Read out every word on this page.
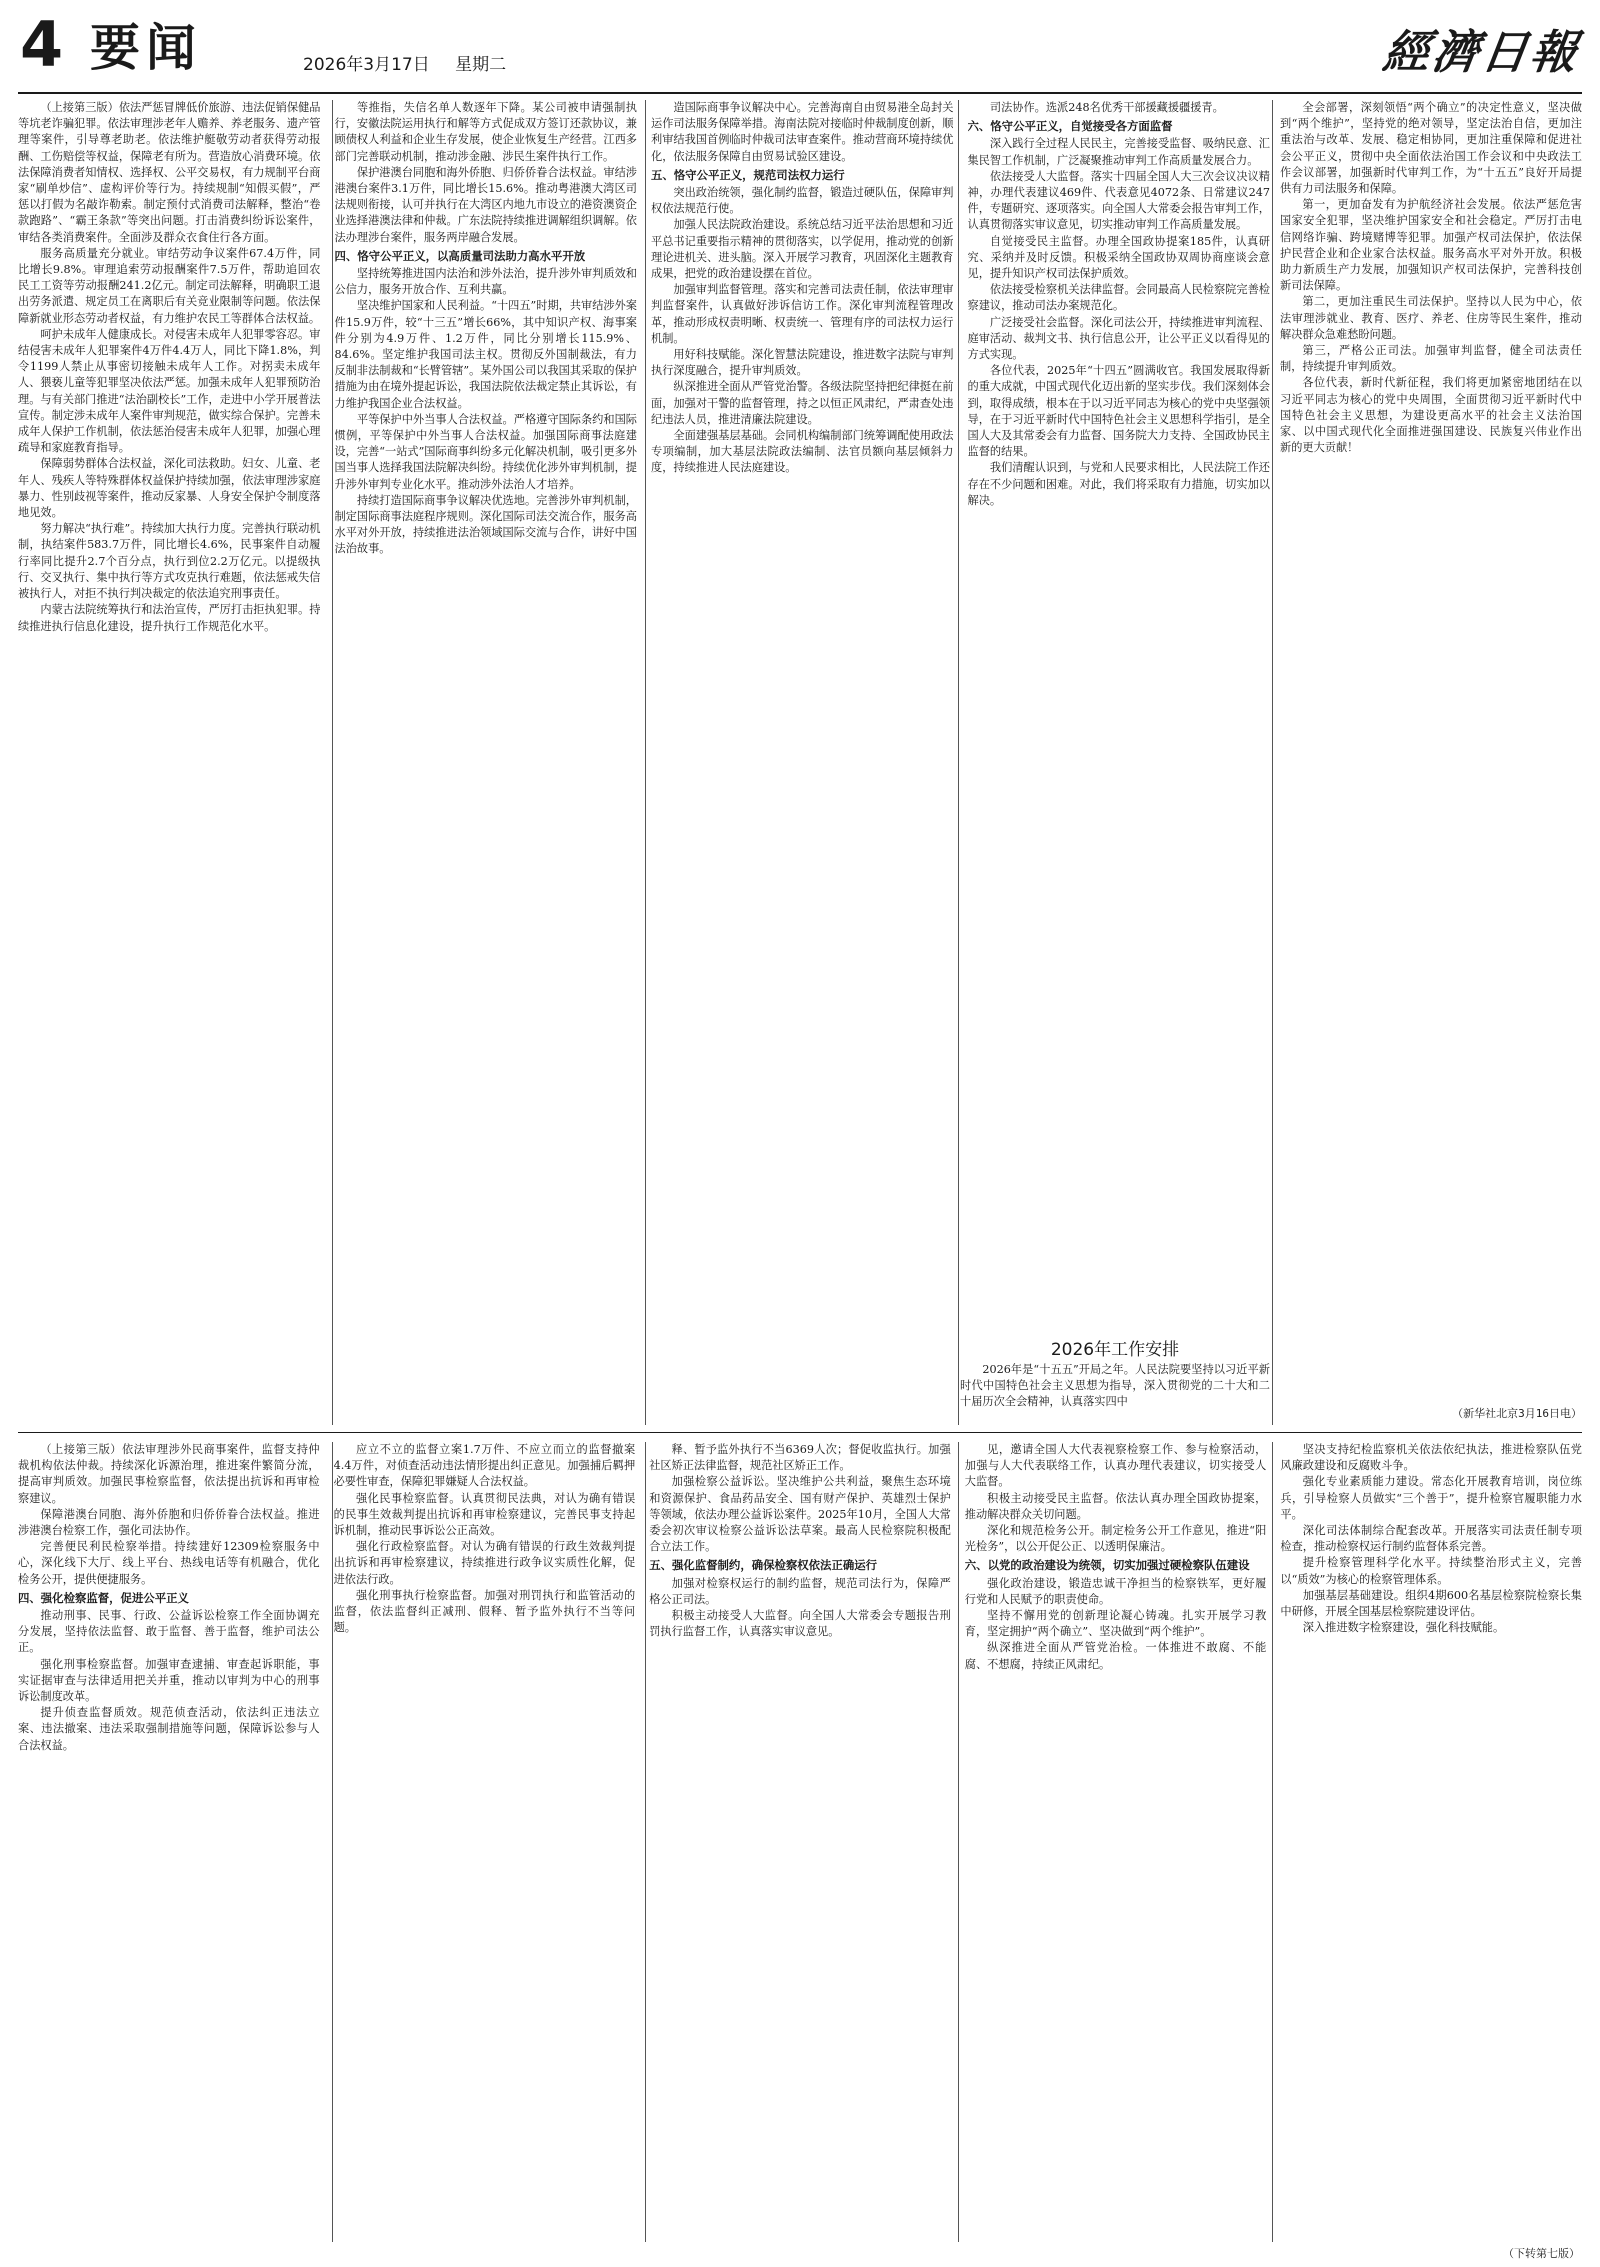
4 要闻	2026年3月17日 星期二	經濟日報

（上接第三版）依法严惩冒牌低价旅游、违法促销保健品等坑老诈骗犯罪。依法审理涉老年人赡养、养老服务、遗产管理等案件，引导尊老助老。依法维护艇敬劳动者获得劳动报酬、工伤赔偿等权益，保障老有所为。营造放心消费环境。依法保障消费者知情权、选择权、公平交易权，有力规制平台商家“刷单炒信”、虚构评价等行为。持续规制“知假买假”，严惩以打假为名敲诈勒索。制定预付式消费司法解释，整治“卷款跑路”、“霸王条款”等突出问题。打击消费纠纷诉讼案件，审结各类消费案件。全面涉及群众衣食住行各方面。

服务高质量充分就业。审结劳动争议案件67.4万件，同比增长9.8%。审理追索劳动报酬案件7.5万件，帮助追回农民工工资等劳动报酬241.2亿元。制定司法解释，明确职工退出劳务派遣、规定员工在离职后有关竞业限制等问题。依法保障新就业形态劳动者权益，有力维护农民工等群体合法权益。

呵护未成年人健康成长。对侵害未成年人犯罪零容忍。审结侵害未成年人犯罪案件4万件4.4万人，同比下降1.8%，判令1199人禁止从事密切接触未成年人工作。对拐卖未成年人、猥亵儿童等犯罪坚决依法严惩。加强未成年人犯罪预防治理。与有关部门推进“法治副校长”工作，走进中小学开展普法宣传。制定涉未成年人案件审判规范，做实综合保护。完善未成年人保护工作机制，依法惩治侵害未成年人犯罪，加强心理疏导和家庭教育指导。

保障弱势群体合法权益，深化司法救助。妇女、儿童、老年人、残疾人等特殊群体权益保护持续加强，依法审理涉家庭暴力、性别歧视等案件，推动反家暴、人身安全保护令制度落地见效。

努力解决“执行难”。持续加大执行力度。完善执行联动机制，执结案件583.7万件，同比增长4.6%，民事案件自动履行率同比提升2.7个百分点，执行到位2.2万亿元。以提级执行、交叉执行、集中执行等方式攻克执行难题，依法惩戒失信被执行人，对拒不执行判决裁定的依法追究刑事责任。

内蒙古法院统筹执行和法治宣传，严厉打击拒执犯罪。持续推进执行信息化建设，提升执行工作规范化水平。

等推指，失信名单人数逐年下降。某公司被申请强制执行，安徽法院运用执行和解等方式促成双方签订还款协议，兼顾债权人利益和企业生存发展，使企业恢复生产经营。江西多部门完善联动机制，推动涉金融、涉民生案件执行工作。

保护港澳台同胞和海外侨胞、归侨侨眷合法权益。审结涉港澳台案件3.1万件，同比增长15.6%。推动粤港澳大湾区司法规则衔接，认可并执行在大湾区内地九市设立的港资澳资企业选择港澳法律和仲裁。广东法院持续推进调解组织调解。依法办理涉台案件，服务两岸融合发展。

四、恪守公平正义，以高质量司法助力高水平开放

坚持统筹推进国内法治和涉外法治，提升涉外审判质效和公信力，服务开放合作、互利共赢。

坚决维护国家和人民利益。“十四五”时期，共审结涉外案件15.9万件，较“十三五”增长66%，其中知识产权、海事案件分别为4.9万件、1.2万件，同比分别增长115.9%、84.6%。坚定维护我国司法主权。贯彻反外国制裁法，有力反制非法制裁和“长臂管辖”。某外国公司以我国其采取的保护措施为由在境外提起诉讼，我国法院依法裁定禁止其诉讼，有力维护我国企业合法权益。

平等保护中外当事人合法权益。严格遵守国际条约和国际惯例，平等保护中外当事人合法权益。加强国际商事法庭建设，完善“一站式”国际商事纠纷多元化解决机制，吸引更多外国当事人选择我国法院解决纠纷。持续优化涉外审判机制，提升涉外审判专业化水平。推动涉外法治人才培养。

持续打造国际商事争议解决优选地。完善涉外审判机制，制定国际商事法庭程序规则。深化国际司法交流合作，服务高水平对外开放，持续推进法治领域国际交流与合作，讲好中国法治故事。

造国际商事争议解决中心。完善海南自由贸易港全岛封关运作司法服务保障举措。海南法院对接临时仲裁制度创新，顺利审结我国首例临时仲裁司法审查案件。推动营商环境持续优化，依法服务保障自由贸易试验区建设。

五、恪守公平正义，规范司法权力运行

突出政治统领，强化制约监督，锻造过硬队伍，保障审判权依法规范行使。

加强人民法院政治建设。系统总结习近平法治思想和习近平总书记重要指示精神的贯彻落实，以学促用，推动党的创新理论进机关、进头脑。深入开展学习教育，巩固深化主题教育成果，把党的政治建设摆在首位。

加强审判监督管理。落实和完善司法责任制，依法审理审判监督案件，认真做好涉诉信访工作。深化审判流程管理改革，推动形成权责明晰、权责统一、管理有序的司法权力运行机制。

用好科技赋能。深化智慧法院建设，推进数字法院与审判执行深度融合，提升审判质效。

纵深推进全面从严管党治警。各级法院坚持把纪律挺在前面，加强对干警的监督管理，持之以恒正风肃纪，严肃查处违纪违法人员，推进清廉法院建设。

全面建强基层基础。会同机构编制部门统筹调配使用政法专项编制，加大基层法院政法编制、法官员额向基层倾斜力度，持续推进人民法庭建设。

司法协作。选派248名优秀干部援藏援疆援青。

六、恪守公平正义，自觉接受各方面监督

深入践行全过程人民民主，完善接受监督、吸纳民意、汇集民智工作机制，广泛凝聚推动审判工作高质量发展合力。

依法接受人大监督。落实十四届全国人大三次会议决议精神，办理代表建议469件、代表意见4072条、日常建议247件，专题研究、逐项落实。向全国人大常委会报告审判工作，认真贯彻落实审议意见，切实推动审判工作高质量发展。

自觉接受民主监督。办理全国政协提案185件，认真研究、采纳并及时反馈。积极采纳全国政协双周协商座谈会意见，提升知识产权司法保护质效。

依法接受检察机关法律监督。会同最高人民检察院完善检察建议，推动司法办案规范化。

广泛接受社会监督。深化司法公开，持续推进审判流程、庭审活动、裁判文书、执行信息公开，让公平正义以看得见的方式实现。

各位代表，2025年“十四五”圆满收官。我国发展取得新的重大成就，中国式现代化迈出新的坚实步伐。我们深刻体会到，取得成绩，根本在于以习近平同志为核心的党中央坚强领导，在于习近平新时代中国特色社会主义思想科学指引，是全国人大及其常委会有力监督、国务院大力支持、全国政协民主监督的结果。

我们清醒认识到，与党和人民要求相比，人民法院工作还存在不少问题和困难。对此，我们将采取有力措施，切实加以解决。

2026年工作安排

2026年是“十五五”开局之年。人民法院要坚持以习近平新时代中国特色社会主义思想为指导，深入贯彻党的二十大和二十届历次全会精神，认真落实四中

全会部署，深刻领悟“两个确立”的决定性意义，坚决做到“两个维护”，坚持党的绝对领导，坚定法治自信，更加注重法治与改革、发展、稳定相协同，更加注重保障和促进社会公平正义，贯彻中央全面依法治国工作会议和中央政法工作会议部署，加强新时代审判工作，为“十五五”良好开局提供有力司法服务和保障。

第一，更加奋发有为护航经济社会发展。依法严惩危害国家安全犯罪，坚决维护国家安全和社会稳定。严厉打击电信网络诈骗、跨境赌博等犯罪。加强产权司法保护，依法保护民营企业和企业家合法权益。服务高水平对外开放。积极助力新质生产力发展，加强知识产权司法保护，完善科技创新司法保障。

第二，更加注重民生司法保护。坚持以人民为中心，依法审理涉就业、教育、医疗、养老、住房等民生案件，推动解决群众急难愁盼问题。

第三，严格公正司法。加强审判监督，健全司法责任制，持续提升审判质效。

各位代表，新时代新征程，我们将更加紧密地团结在以习近平同志为核心的党中央周围，全面贯彻习近平新时代中国特色社会主义思想，为建设更高水平的社会主义法治国家、以中国式现代化全面推进强国建设、民族复兴伟业作出新的更大贡献！

（新华社北京3月16日电）

（上接第三版）依法审理涉外民商事案件，监督支持仲裁机构依法仲裁。持续深化诉源治理，推进案件繁简分流，提高审判质效。加强民事检察监督，依法提出抗诉和再审检察建议。

保障港澳台同胞、海外侨胞和归侨侨眷合法权益。推进涉港澳台检察工作，强化司法协作。

完善便民利民检察举措。持续建好12309检察服务中心，深化线下大厅、线上平台、热线电话等有机融合，优化检务公开，提供便捷服务。

四、强化检察监督，促进公平正义

推动刑事、民事、行政、公益诉讼检察工作全面协调充分发展，坚持依法监督、敢于监督、善于监督，维护司法公正。

强化刑事检察监督。加强审查逮捕、审查起诉职能，事实证据审查与法律适用把关并重，推动以审判为中心的刑事诉讼制度改革。

提升侦查监督质效。规范侦查活动，依法纠正违法立案、违法撤案、违法采取强制措施等问题，保障诉讼参与人合法权益。

应立不立的监督立案1.7万件、不应立而立的监督撤案4.4万件，对侦查活动违法情形提出纠正意见。加强捕后羁押必要性审查，保障犯罪嫌疑人合法权益。

强化民事检察监督。认真贯彻民法典，对认为确有错误的民事生效裁判提出抗诉和再审检察建议，完善民事支持起诉机制，推动民事诉讼公正高效。

强化行政检察监督。对认为确有错误的行政生效裁判提出抗诉和再审检察建议，持续推进行政争议实质性化解，促进依法行政。

强化刑事执行检察监督。加强对刑罚执行和监管活动的监督，依法监督纠正减刑、假释、暂予监外执行不当等问题。

释、暂予监外执行不当6369人次；督促收监执行。加强社区矫正法律监督，规范社区矫正工作。

加强检察公益诉讼。坚决维护公共利益，聚焦生态环境和资源保护、食品药品安全、国有财产保护、英雄烈士保护等领域，依法办理公益诉讼案件。2025年10月，全国人大常委会初次审议检察公益诉讼法草案。最高人民检察院积极配合立法工作。

五、强化监督制约，确保检察权依法正确运行

加强对检察权运行的制约监督，规范司法行为，保障严格公正司法。

积极主动接受人大监督。向全国人大常委会专题报告刑罚执行监督工作，认真落实审议意见。

见，邀请全国人大代表视察检察工作、参与检察活动，加强与人大代表联络工作，认真办理代表建议，切实接受人大监督。

积极主动接受民主监督。依法认真办理全国政协提案，推动解决群众关切问题。

深化和规范检务公开。制定检务公开工作意见，推进“阳光检务”，以公开促公正、以透明保廉洁。

六、以党的政治建设为统领，切实加强过硬检察队伍建设

强化政治建设，锻造忠诚干净担当的检察铁军，更好履行党和人民赋予的职责使命。

坚持不懈用党的创新理论凝心铸魂。扎实开展学习教育，坚定拥护“两个确立”、坚决做到“两个维护”。

纵深推进全面从严管党治检。一体推进不敢腐、不能腐、不想腐，持续正风肃纪。

坚决支持纪检监察机关依法依纪执法，推进检察队伍党风廉政建设和反腐败斗争。

强化专业素质能力建设。常态化开展教育培训，岗位练兵，引导检察人员做实“三个善于”，提升检察官履职能力水平。

深化司法体制综合配套改革。开展落实司法责任制专项检查，推动检察权运行制约监督体系完善。

提升检察管理科学化水平。持续整治形式主义，完善以“质效”为核心的检察管理体系。

加强基层基础建设。组织4期600名基层检察院检察长集中研修，开展全国基层检察院建设评估。

深入推进数字检察建设，强化科技赋能。

（下转第七版）
